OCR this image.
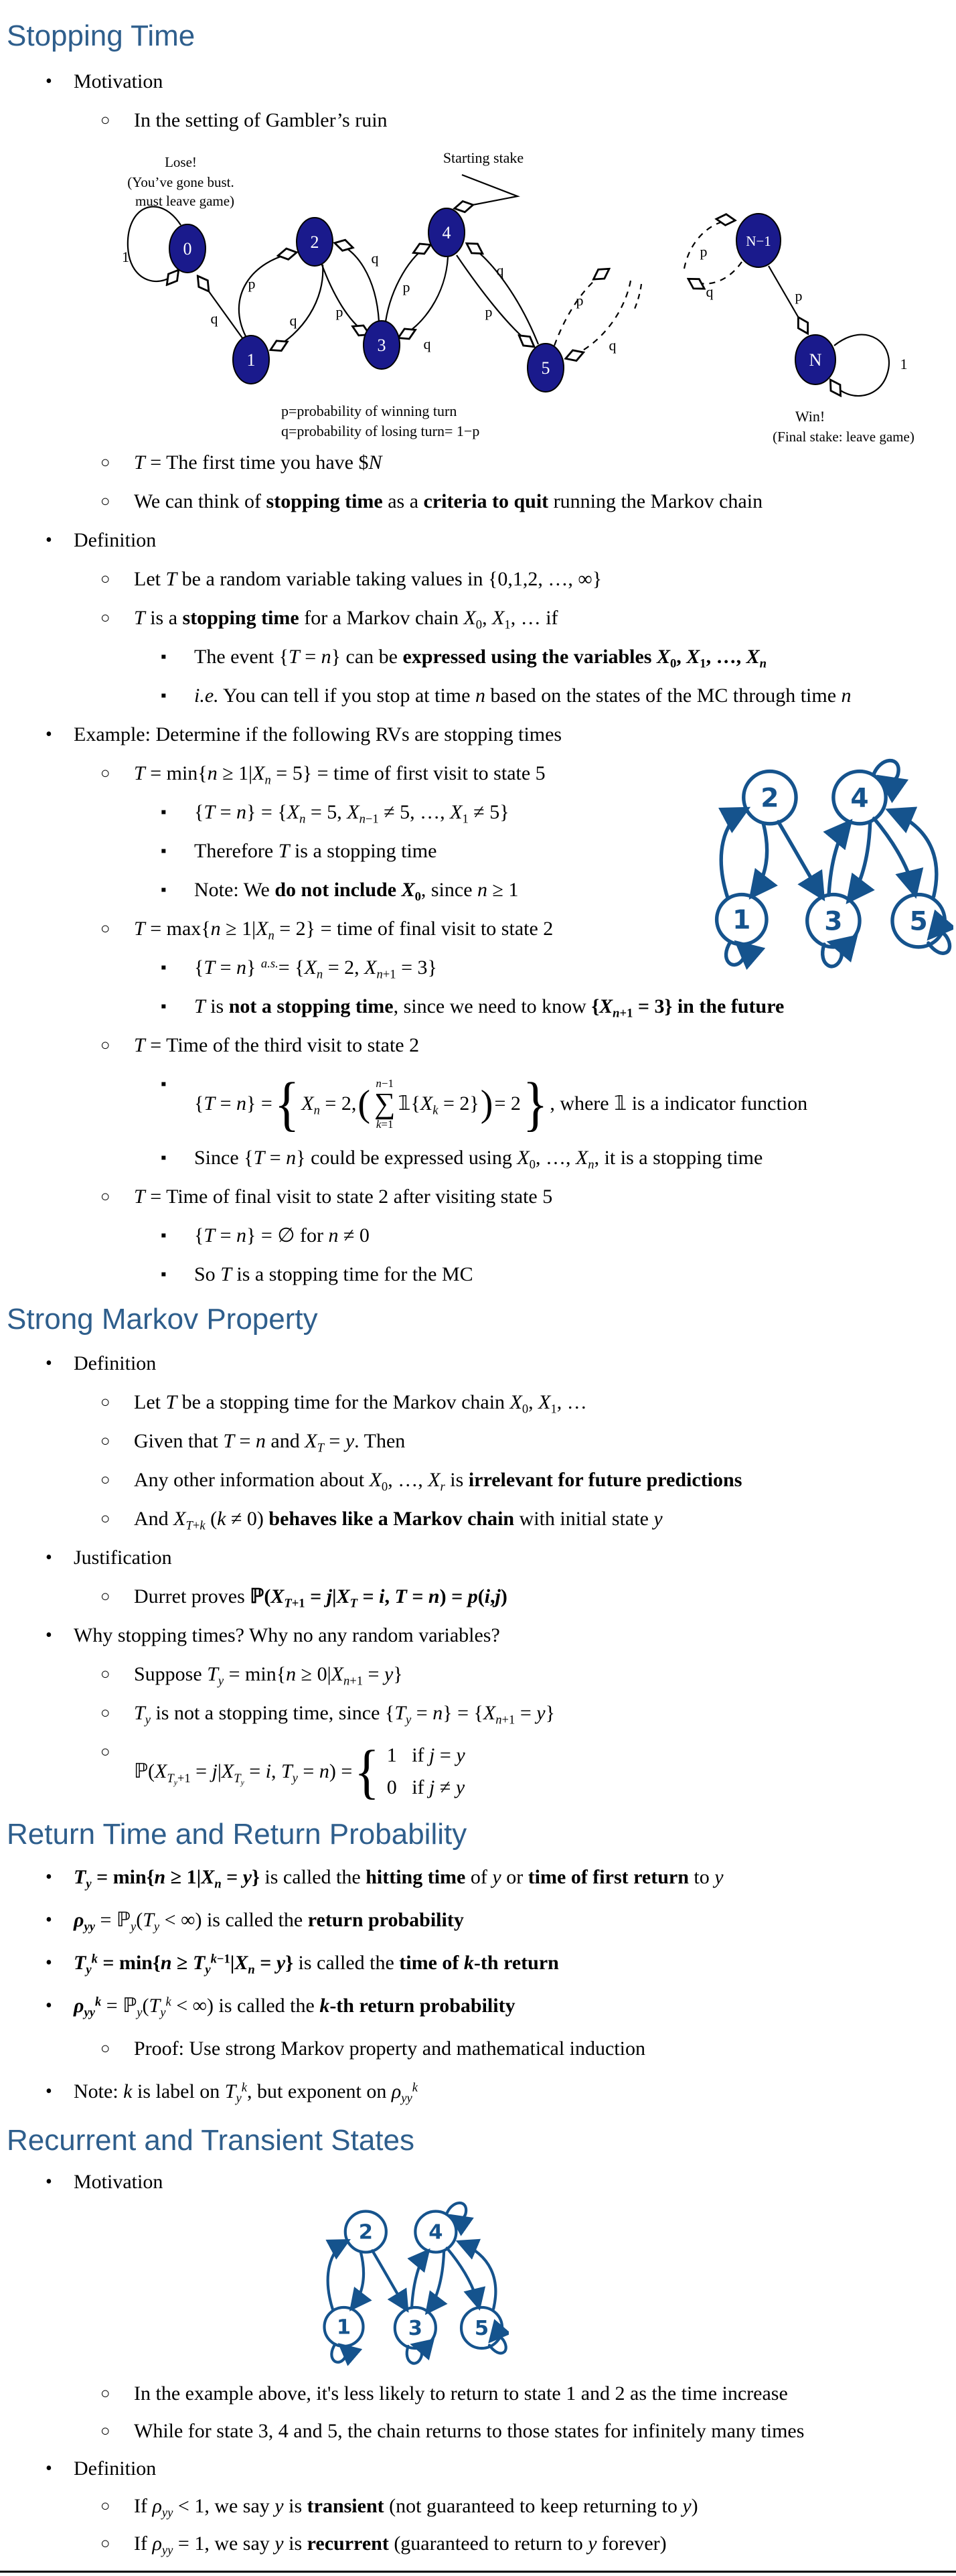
Stopping Time
• Motivation
○ In the setting of Gambler’s ruin
0
1
2
3
4
5
N−1
N
1
q
p
q
q
p
p
q
q
p
p
q
p
q	p
1
Lose!
(You’ve gone bust.
must leave game)
Starting stake
p=probability of winning turn
q=probability of losing turn= 1−p
Win!
(Final stake: leave game)
○ T = The first time you have $N
○ We can think of stopping time as a criteria to quit running the Markov chain
• Definition
○ Let T be a random variable taking values in {0,1,2, …, ∞}
○ T is a stopping time for a Markov chain $X_0$, $X_1$, … if
▪ The event {T = n} can be expressed using the variables $X_0$, $X_1$, …, $X_n$
▪ i.e. You can tell if you stop at time n based on the states of the MC through time n
• Example: Determine if the following RVs are stopping times
○ $T = \min\{n \ge 1|X_n = 5\}$ = time of first visit to state 5
▪ $\{T = n\} = \{X_n = 5$, $X_{n-1} \ne 5$, …, $X_1 \ne 5$}
▪ Therefore T is a stopping time
▪ Note: We do not include $X_0$, since n ≥ 1
○ $T = \max\{n \ge 1|X_n = 2\}$ = time of final visit to state 2
▪ {T = n} $^{a.s.}= \{X_n = 2$, $X_{n+1} = 3$}
▪ T is not a stopping time, since we need to know $\{X_{n+1} = 3\}$ in the future
○ T = Time of the third visit to state 2
▪
{T = n} = { $X_n = 2$, ( n−1
∑
k=1
$𝟙\{X_k = 2\}$ ) = 2 } , where 𝟙 is a indicator function
▪ Since {T = n} could be expressed using $X_0$, …, $X_n$, it is a stopping time
○ T = Time of final visit to state 2 after visiting state 5
▪ {T = n} = ∅ for n ≠ 0
▪ So T is a stopping time for the MC
2	4
1	3	5
Strong Markov Property
• Definition
○ Let T be a stopping time for the Markov chain $X_0$, $X_1$, …
○ Given that T = n and $X_T = y$. Then
○ Any other information about $X_0$, …, $X_r$ is irrelevant for future predictions
○ And $X_{T+k}$ (k ≠ 0) behaves like a Markov chain with initial state y
• Justification
○ Durret proves $ℙ(X_{T+1} = j|X_T = i$, T = n) = p(i,j)
• Why stopping times? Why no any random variables?
○ Suppose $T_y = \min\{n \ge 0|X_{n+1} = y\}$
○ $T_y$ is not a stopping time, since $\{T_y = n\} = \{X_{n+1} = y\}$
○
$ℙ(X_{T_y+1} = j|X_{T_y} = i$, $T_y = n$) = { 1   if j = y
0   if j ≠ y
Return Time and Return Probability
• $T_y = \min\{n \ge 1|X_n = y\}$ is called the hitting time of y or time of first return to y
• $\rho_{yy}$ = $ℙ_y(T_y$ < ∞) is called the return probability
• $T_y^k = \min\{n \ge T_y^{k-1}|X_n = y\}$ is called the time of k-th return
• $\rho_{yy}^k$ = $ℙ_y(T_y^k$ < ∞) is called the k-th return probability
○ Proof: Use strong Markov property and mathematical induction
• Note: k is label on $T_y^k$, but exponent on $\rho_{yy}^k$
Recurrent and Transient States
• Motivation
2 4
1 3 5
○ In the example above, it's less likely to return to state 1 and 2 as the time increase
○ While for state 3, 4 and 5, the chain returns to those states for infinitely many times
• Definition
○ If $\rho_{yy} < 1$, we say y is transient (not guaranteed to keep returning to y)
○ If $\rho_{yy} = 1$, we say y is recurrent (guaranteed to return to y forever)
